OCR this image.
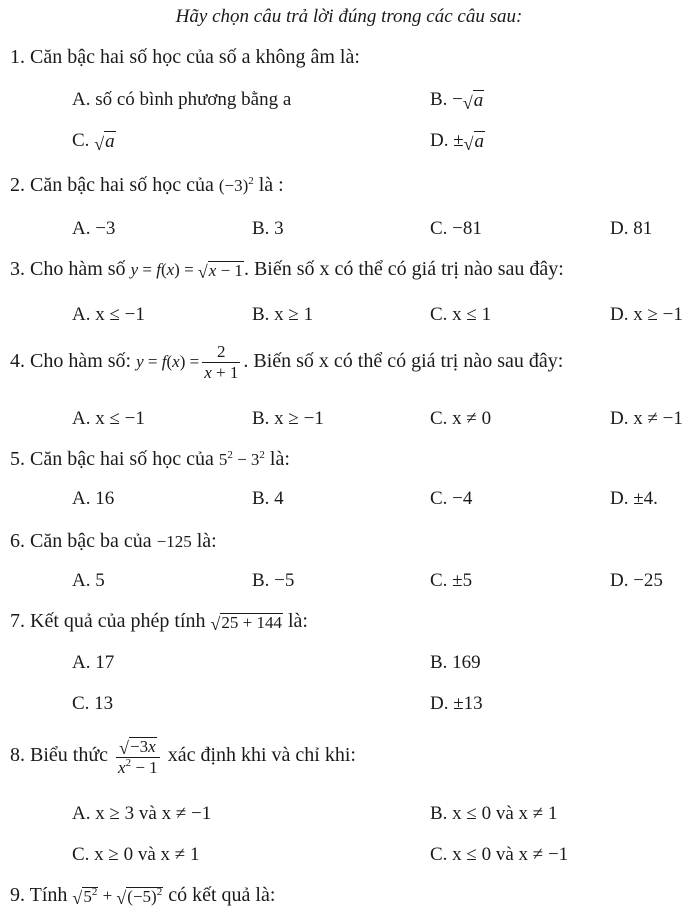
Hãy chọn câu trả lời đúng trong các câu sau:
1. Căn bậc hai số học của số a không âm là:
A. số có bình phương bằng a	B. − √ a
C. √ a	D. ± √ a
2. Căn bậc hai số học của $(-3)^2$ là :
A. −3	B. 3	C. −81	D. 81
3. Cho hàm số y = f(x) = √ x − 1 . Biến số x có thể có giá trị nào sau đây:
A. x ≤ −1	B. x ≥ 1	C. x ≤ 1	D. x ≥ −1
4. Cho hàm số: $y = f(x) = \frac{2}{x + 1}$ . Biến số x có thể có giá trị nào sau đây:
A. x ≤ −1	B. x ≥ −1	C. x ≠ 0	D. x ≠ −1
5. Căn bậc hai số học của $5^2 - 3^2$ là:
A. 16	B. 4	C. −4	D. ±4.
6. Căn bậc ba của −125 là:
A. 5	B. −5	C. ±5	D. −25
7. Kết quả của phép tính √ 25 + 144 là:
A. 17	B. 169
C. 13	D. ±13
8. Biểu thức $\frac{√ -3x}{x^2 - 1}$ xác định khi và chỉ khi:
A. x ≥ 3 và x ≠ −1	B. x ≤ 0 và x ≠ 1
C. x ≥ 0 và x ≠ 1	C. x ≤ 0 và x ≠ −1
9. Tính √ $5^2$ + √ $(-5)^2$ có kết quả là:
